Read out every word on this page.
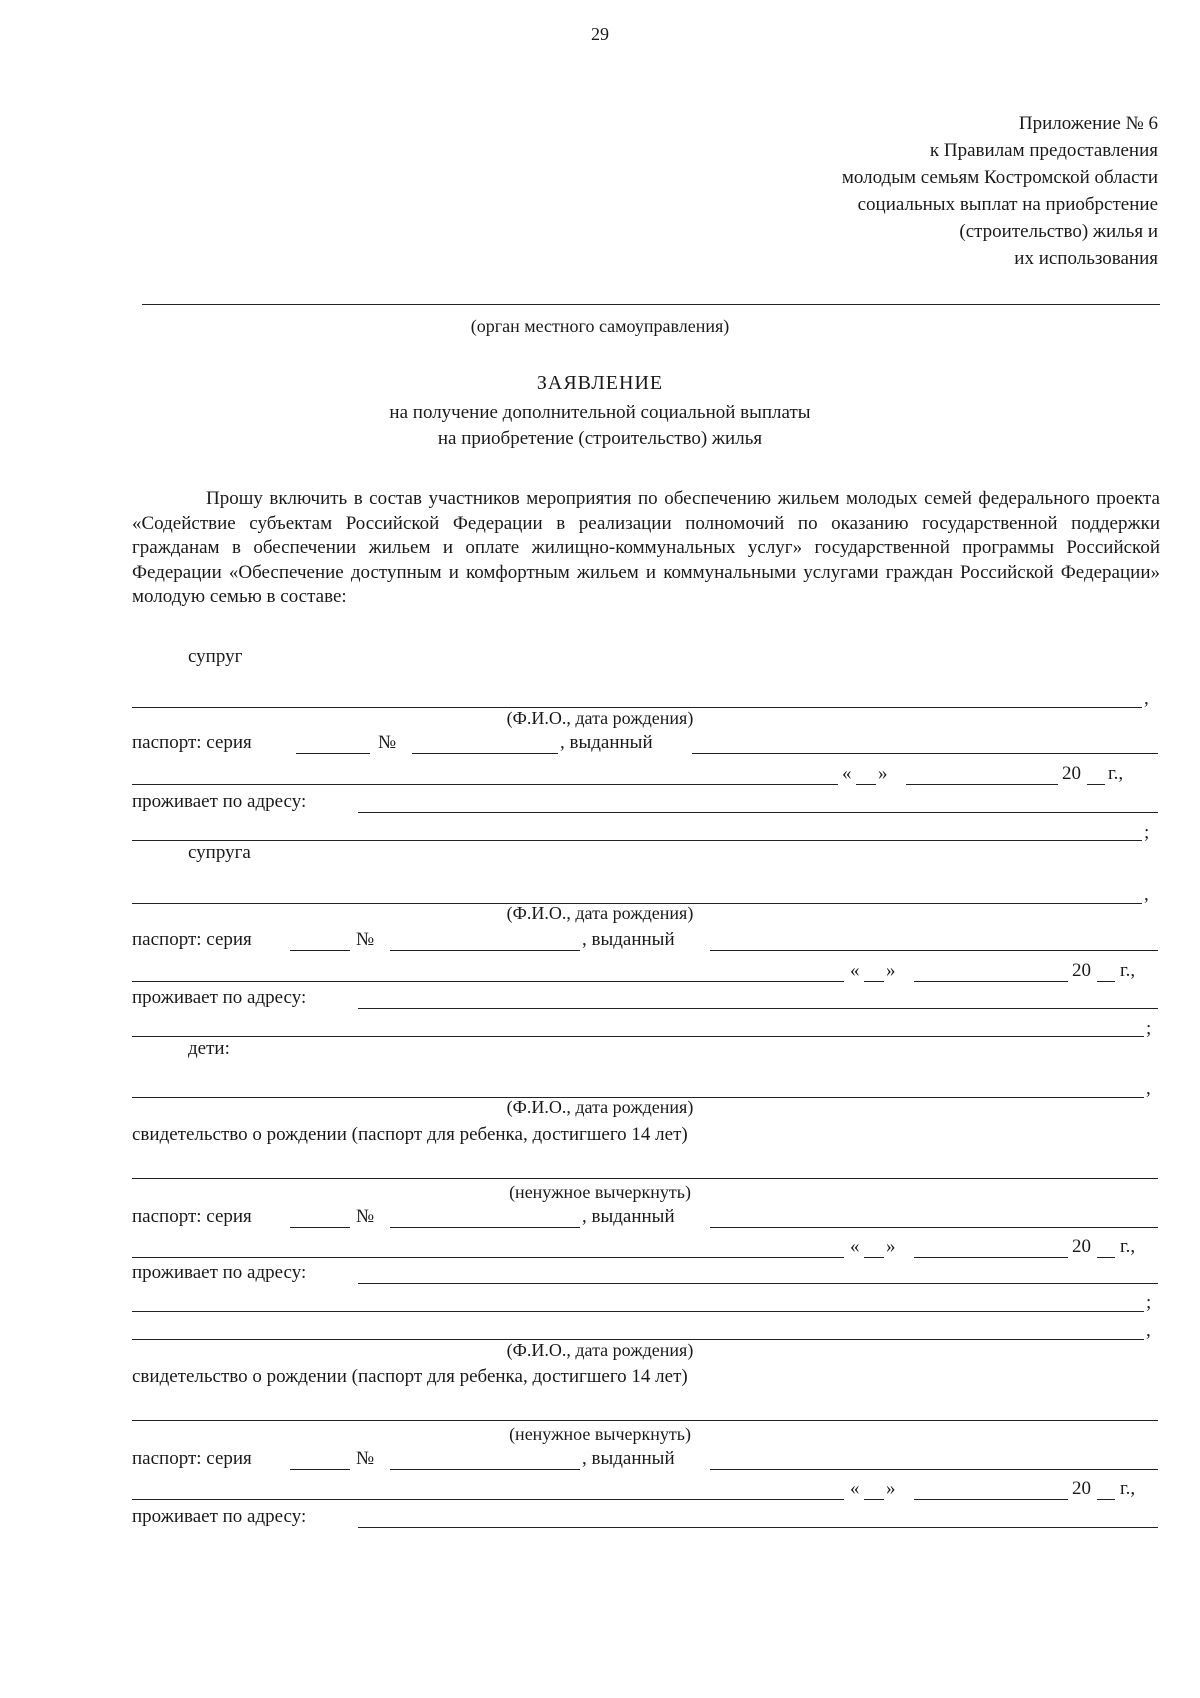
29
Приложение № 6
к Правилам предоставления
молодым семьям Костромской области
социальных выплат на приобрстение
(строительство) жилья и
их использования
(орган местного самоуправления)
ЗАЯВЛЕНИЕ
на получение дополнительной социальной выплаты
на приобретение (строительство) жилья
Прошу включить в состав участников мероприятия по обеспечению жильем молодых семей федерального проекта «Содействие субъектам Российской Федерации в реализации полномочий по оказанию государственной поддержки гражданам в обеспечении жильем и оплате жилищно-коммунальных услуг» государственной программы Российской Федерации «Обеспечение доступным и комфортным жильем и коммунальными услугами граждан Российской Федерации» молодую семью в составе:
супруг
,
(Ф.И.О., дата рождения)
паспорт: серия	№	, выданный
« »	20 г.,
проживает по адресу:
;
супруга
,
(Ф.И.О., дата рождения)
паспорт: серия	№	, выданный
« »	20 г.,
проживает по адресу:
;
дети:
,
(Ф.И.О., дата рождения)
свидетельство о рождении (паспорт для ребенка, достигшего 14 лет)
(ненужное вычеркнуть)
паспорт: серия	№	, выданный
« »	20 г.,
проживает по адресу:
;
,
(Ф.И.О., дата рождения)
свидетельство о рождении (паспорт для ребенка, достигшего 14 лет)
(ненужное вычеркнуть)
паспорт: серия	№	, выданный
« »	20 г.,
проживает по адресу:
